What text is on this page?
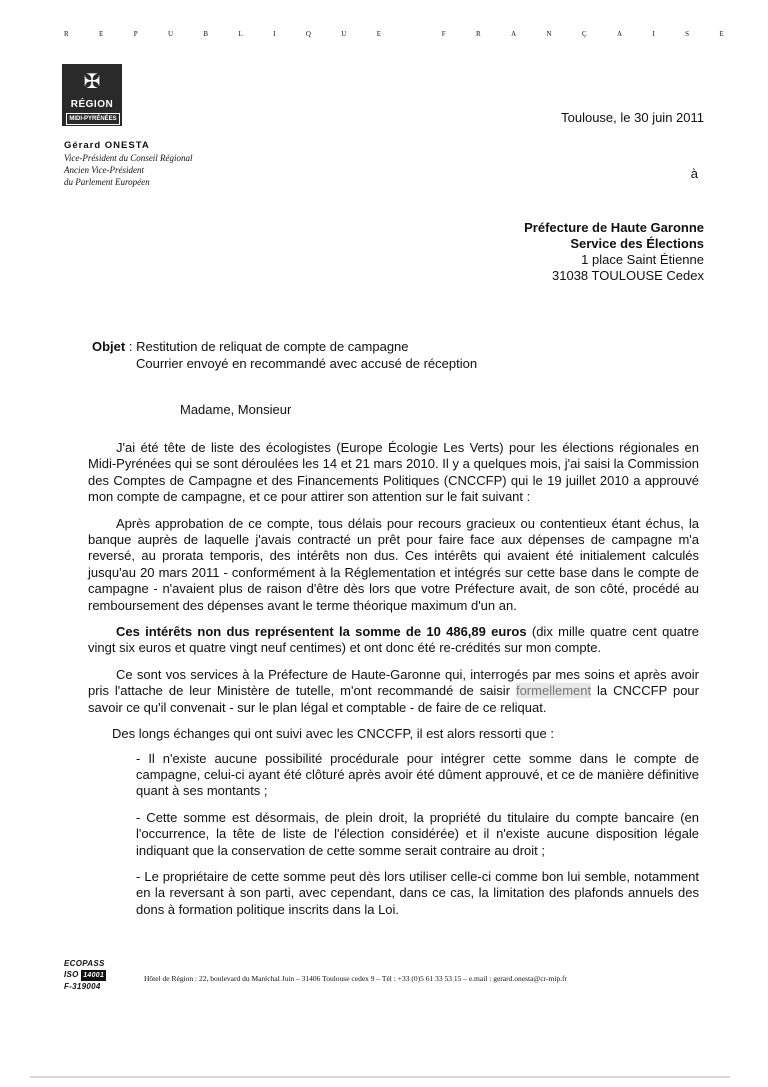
R	E	P	U	B	L	I	Q	U	E	F	R	A	N	Ç	A	I	S	E
✠
RÉGION
MIDI-PYRÉNÉES
Gérard ONESTA
Vice-Président du Conseil Régional
Ancien Vice-Président
du Parlement Européen
Toulouse, le 30 juin 2011
à
Préfecture de Haute Garonne
Service des Élections
1 place Saint Étienne
31038 TOULOUSE Cedex
Objet : Restitution de reliquat de compte de campagne
Courrier envoyé en recommandé avec accusé de réception
Madame, Monsieur

J'ai été tête de liste des écologistes (Europe Écologie Les Verts) pour les élections régionales en Midi-Pyrénées qui se sont déroulées les 14 et 21 mars 2010. Il y a quelques mois, j'ai saisi la Commission des Comptes de Campagne et des Financements Politiques (CNCCFP) qui le 19 juillet 2010 a approuvé mon compte de campagne, et ce pour attirer son attention sur le fait suivant :

Après approbation de ce compte, tous délais pour recours gracieux ou contentieux étant échus, la banque auprès de laquelle j'avais contracté un prêt pour faire face aux dépenses de campagne m'a reversé, au prorata temporis, des intérêts non dus. Ces intérêts qui avaient été initialement calculés jusqu'au 20 mars 2011 - conformément à la Réglementation et intégrés sur cette base dans le compte de campagne - n'avaient plus de raison d'être dès lors que votre Préfecture avait, de son côté, procédé au remboursement des dépenses avant le terme théorique maximum d'un an.

Ces intérêts non dus représentent la somme de 10 486,89 euros (dix mille quatre cent quatre vingt six euros et quatre vingt neuf centimes) et ont donc été re-crédités sur mon compte.

Ce sont vos services à la Préfecture de Haute-Garonne qui, interrogés par mes soins et après avoir pris l'attache de leur Ministère de tutelle, m'ont recommandé de saisir formellement la CNCCFP pour savoir ce qu'il convenait - sur le plan légal et comptable - de faire de ce reliquat.

Des longs échanges qui ont suivi avec les CNCCFP, il est alors ressorti que :

- Il n'existe aucune possibilité procédurale pour intégrer cette somme dans le compte de campagne, celui-ci ayant été clôturé après avoir été dûment approuvé, et ce de manière définitive quant à ses montants ;
- Cette somme est désormais, de plein droit, la propriété du titulaire du compte bancaire (en l'occurrence, la tête de liste de l'élection considérée) et il n'existe aucune disposition légale indiquant que la conservation de cette somme serait contraire au droit ;
- Le propriétaire de cette somme peut dès lors utiliser celle-ci comme bon lui semble, notamment en la reversant à son parti, avec cependant, dans ce cas, la limitation des plafonds annuels des dons à formation politique inscrits dans la Loi.
ECOPASS
ISO 14001
F-319004
Hôtel de Région : 22, boulevard du Maréchal Juin – 31406 Toulouse cedex 9 – Tél : +33 (0)5 61 33 53 15 – e.mail : gerard.onesta@cr-mip.fr
